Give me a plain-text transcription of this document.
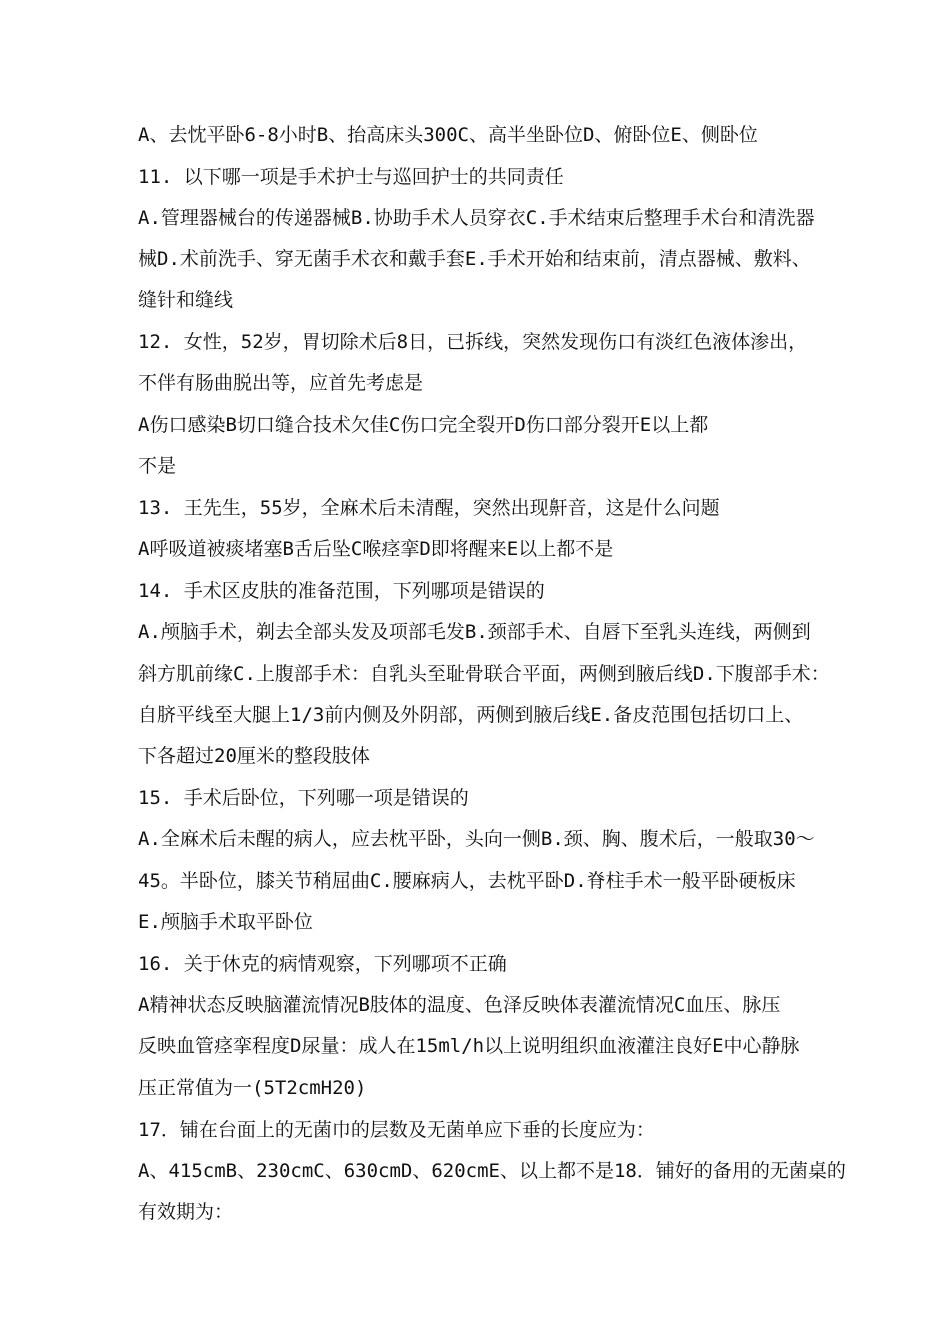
A、去忱平卧6-8小时B、抬高床头300C、高半坐卧位D、俯卧位E、侧卧位

11. 以下哪一项是手术护士与巡回护士的共同责任

A.管理器械台的传递器械B.协助手术人员穿衣C.手术结束后整理手术台和清洗器

械D.术前洗手、穿无菌手术衣和戴手套E.手术开始和结束前，清点器械、敷料、

缝针和缝线

12. 女性，52岁，胃切除术后8日，已拆线，突然发现伤口有淡红色液体渗出，

不伴有肠曲脱出等，应首先考虑是

A伤口感染B切口缝合技术欠佳C伤口完全裂开D伤口部分裂开E以上都

不是

13. 王先生，55岁，全麻术后未清醒，突然出现鼾音，这是什么问题

A呼吸道被痰堵塞B舌后坠C喉痉挛D即将醒来E以上都不是

14. 手术区皮肤的准备范围，下列哪项是错误的

A.颅脑手术，剃去全部头发及项部毛发B.颈部手术、自唇下至乳头连线，两侧到

斜方肌前缘C.上腹部手术：自乳头至耻骨联合平面，两侧到腋后线D.下腹部手术：

自脐平线至大腿上1/3前内侧及外阴部，两侧到腋后线E.备皮范围包括切口上、

下各超过20厘米的整段肢体

15. 手术后卧位，下列哪一项是错误的

A.全麻术后未醒的病人，应去枕平卧，头向一侧B.颈、胸、腹术后，一般取30〜

45。半卧位，膝关节稍屈曲C.腰麻病人，去枕平卧D.脊柱手术一般平卧硬板床

E.颅脑手术取平卧位

16. 关于休克的病情观察，下列哪项不正确

A精神状态反映脑灌流情况B肢体的温度、色泽反映体表灌流情况C血压、脉压

反映血管痉挛程度D尿量：成人在15ml/h以上说明组织血液灌注良好E中心静脉

压正常值为一(5T2cmH20)

17．铺在台面上的无菌巾的层数及无菌单应下垂的长度应为：

A、415cmB、230cmC、630cmD、620cmE、以上都不是18．铺好的备用的无菌桌的

有效期为：
